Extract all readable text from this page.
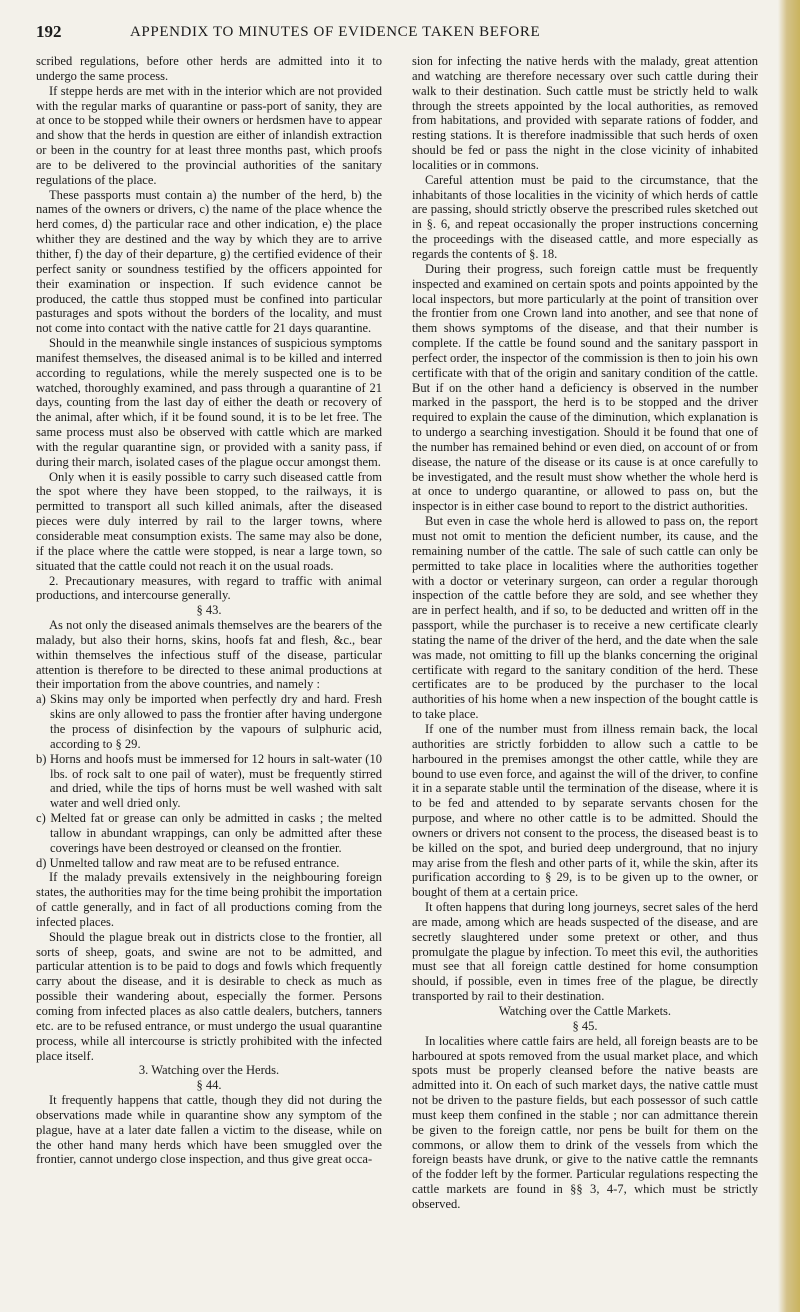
192	APPENDIX TO MINUTES OF EVIDENCE TAKEN BEFORE

scribed regulations, before other herds are admitted into it to undergo the same process.

If steppe herds are met with in the interior which are not provided with the regular marks of quarantine or pass-port of sanity, they are at once to be stopped while their owners or herdsmen have to appear and show that the herds in question are either of inlandish extraction or been in the country for at least three months past, which proofs are to be delivered to the provincial authorities of the sanitary regulations of the place.

These passports must contain a) the number of the herd, b) the names of the owners or drivers, c) the name of the place whence the herd comes, d) the particular race and other indication, e) the place whither they are destined and the way by which they are to arrive thither, f) the day of their departure, g) the certified evidence of their perfect sanity or soundness testified by the officers appointed for their examination or inspection. If such evidence cannot be produced, the cattle thus stopped must be confined into particular pasturages and spots without the borders of the locality, and must not come into contact with the native cattle for 21 days quarantine.

Should in the meanwhile single instances of suspicious symptoms manifest themselves, the diseased animal is to be killed and interred according to regulations, while the merely suspected one is to be watched, thoroughly examined, and pass through a quarantine of 21 days, counting from the last day of either the death or recovery of the animal, after which, if it be found sound, it is to be let free. The same process must also be observed with cattle which are marked with the regular quarantine sign, or provided with a sanity pass, if during their march, isolated cases of the plague occur amongst them.

Only when it is easily possible to carry such diseased cattle from the spot where they have been stopped, to the railways, it is permitted to transport all such killed animals, after the diseased pieces were duly interred by rail to the larger towns, where considerable meat consumption exists. The same may also be done, if the place where the cattle were stopped, is near a large town, so situated that the cattle could not reach it on the usual roads.

2. Precautionary measures, with regard to traffic with animal productions, and intercourse generally.

§ 43.

As not only the diseased animals themselves are the bearers of the malady, but also their horns, skins, hoofs fat and flesh, &c., bear within themselves the infectious stuff of the disease, particular attention is therefore to be directed to these animal productions at their importation from the above countries, and namely :

a) Skins may only be imported when perfectly dry and hard. Fresh skins are only allowed to pass the frontier after having undergone the process of disinfection by the vapours of sulphuric acid, according to § 29.

b) Horns and hoofs must be immersed for 12 hours in salt-water (10 lbs. of rock salt to one pail of water), must be frequently stirred and dried, while the tips of horns must be well washed with salt water and well dried only.

c) Melted fat or grease can only be admitted in casks ; the melted tallow in abundant wrappings, can only be admitted after these coverings have been destroyed or cleansed on the frontier.

d) Unmelted tallow and raw meat are to be refused entrance.

If the malady prevails extensively in the neighbouring foreign states, the authorities may for the time being prohibit the importation of cattle generally, and in fact of all productions coming from the infected places.

Should the plague break out in districts close to the frontier, all sorts of sheep, goats, and swine are not to be admitted, and particular attention is to be paid to dogs and fowls which frequently carry about the disease, and it is desirable to check as much as possible their wandering about, especially the former. Persons coming from infected places as also cattle dealers, butchers, tanners etc. are to be refused entrance, or must undergo the usual quarantine process, while all intercourse is strictly prohibited with the infected place itself.

3. Watching over the Herds.

§ 44.

It frequently happens that cattle, though they did not during the observations made while in quarantine show any symptom of the plague, have at a later date fallen a victim to the disease, while on the other hand many herds which have been smuggled over the frontier, cannot undergo close inspection, and thus give great occa-

sion for infecting the native herds with the malady, great attention and watching are therefore necessary over such cattle during their walk to their destination. Such cattle must be strictly held to walk through the streets appointed by the local authorities, as removed from habitations, and provided with separate rations of fodder, and resting stations. It is therefore inadmissible that such herds of oxen should be fed or pass the night in the close vicinity of inhabited localities or in commons.

Careful attention must be paid to the circumstance, that the inhabitants of those localities in the vicinity of which herds of cattle are passing, should strictly observe the prescribed rules sketched out in §. 6, and repeat occasionally the proper instructions concerning the proceedings with the diseased cattle, and more especially as regards the contents of §. 18.

During their progress, such foreign cattle must be frequently inspected and examined on certain spots and points appointed by the local inspectors, but more particularly at the point of transition over the frontier from one Crown land into another, and see that none of them shows symptoms of the disease, and that their number is complete. If the cattle be found sound and the sanitary passport in perfect order, the inspector of the commission is then to join his own certificate with that of the origin and sanitary condition of the cattle. But if on the other hand a deficiency is observed in the number marked in the passport, the herd is to be stopped and the driver required to explain the cause of the diminution, which explanation is to undergo a searching investigation. Should it be found that one of the number has remained behind or even died, on account of or from disease, the nature of the disease or its cause is at once carefully to be investigated, and the result must show whether the whole herd is at once to undergo quarantine, or allowed to pass on, but the inspector is in either case bound to report to the district authorities.

But even in case the whole herd is allowed to pass on, the report must not omit to mention the deficient number, its cause, and the remaining number of the cattle. The sale of such cattle can only be permitted to take place in localities where the authorities together with a doctor or veterinary surgeon, can order a regular thorough inspection of the cattle before they are sold, and see whether they are in perfect health, and if so, to be deducted and written off in the passport, while the purchaser is to receive a new certificate clearly stating the name of the driver of the herd, and the date when the sale was made, not omitting to fill up the blanks concerning the original certificate with regard to the sanitary condition of the herd. These certificates are to be produced by the purchaser to the local authorities of his home when a new inspection of the bought cattle is to take place.

If one of the number must from illness remain back, the local authorities are strictly forbidden to allow such a cattle to be harboured in the premises amongst the other cattle, while they are bound to use even force, and against the will of the driver, to confine it in a separate stable until the termination of the disease, where it is to be fed and attended to by separate servants chosen for the purpose, and where no other cattle is to be admitted. Should the owners or drivers not consent to the process, the diseased beast is to be killed on the spot, and buried deep underground, that no injury may arise from the flesh and other parts of it, while the skin, after its purification according to § 29, is to be given up to the owner, or bought of them at a certain price.

It often happens that during long journeys, secret sales of the herd are made, among which are heads suspected of the disease, and are secretly slaughtered under some pretext or other, and thus promulgate the plague by infection. To meet this evil, the authorities must see that all foreign cattle destined for home consumption should, if possible, even in times free of the plague, be directly transported by rail to their destination.

Watching over the Cattle Markets.

§ 45.

In localities where cattle fairs are held, all foreign beasts are to be harboured at spots removed from the usual market place, and which spots must be properly cleansed before the native beasts are admitted into it. On each of such market days, the native cattle must not be driven to the pasture fields, but each possessor of such cattle must keep them confined in the stable ; nor can admittance therein be given to the foreign cattle, nor pens be built for them on the commons, or allow them to drink of the vessels from which the foreign beasts have drunk, or give to the native cattle the remnants of the fodder left by the former. Particular regulations respecting the cattle markets are found in §§ 3, 4-7, which must be strictly observed.
